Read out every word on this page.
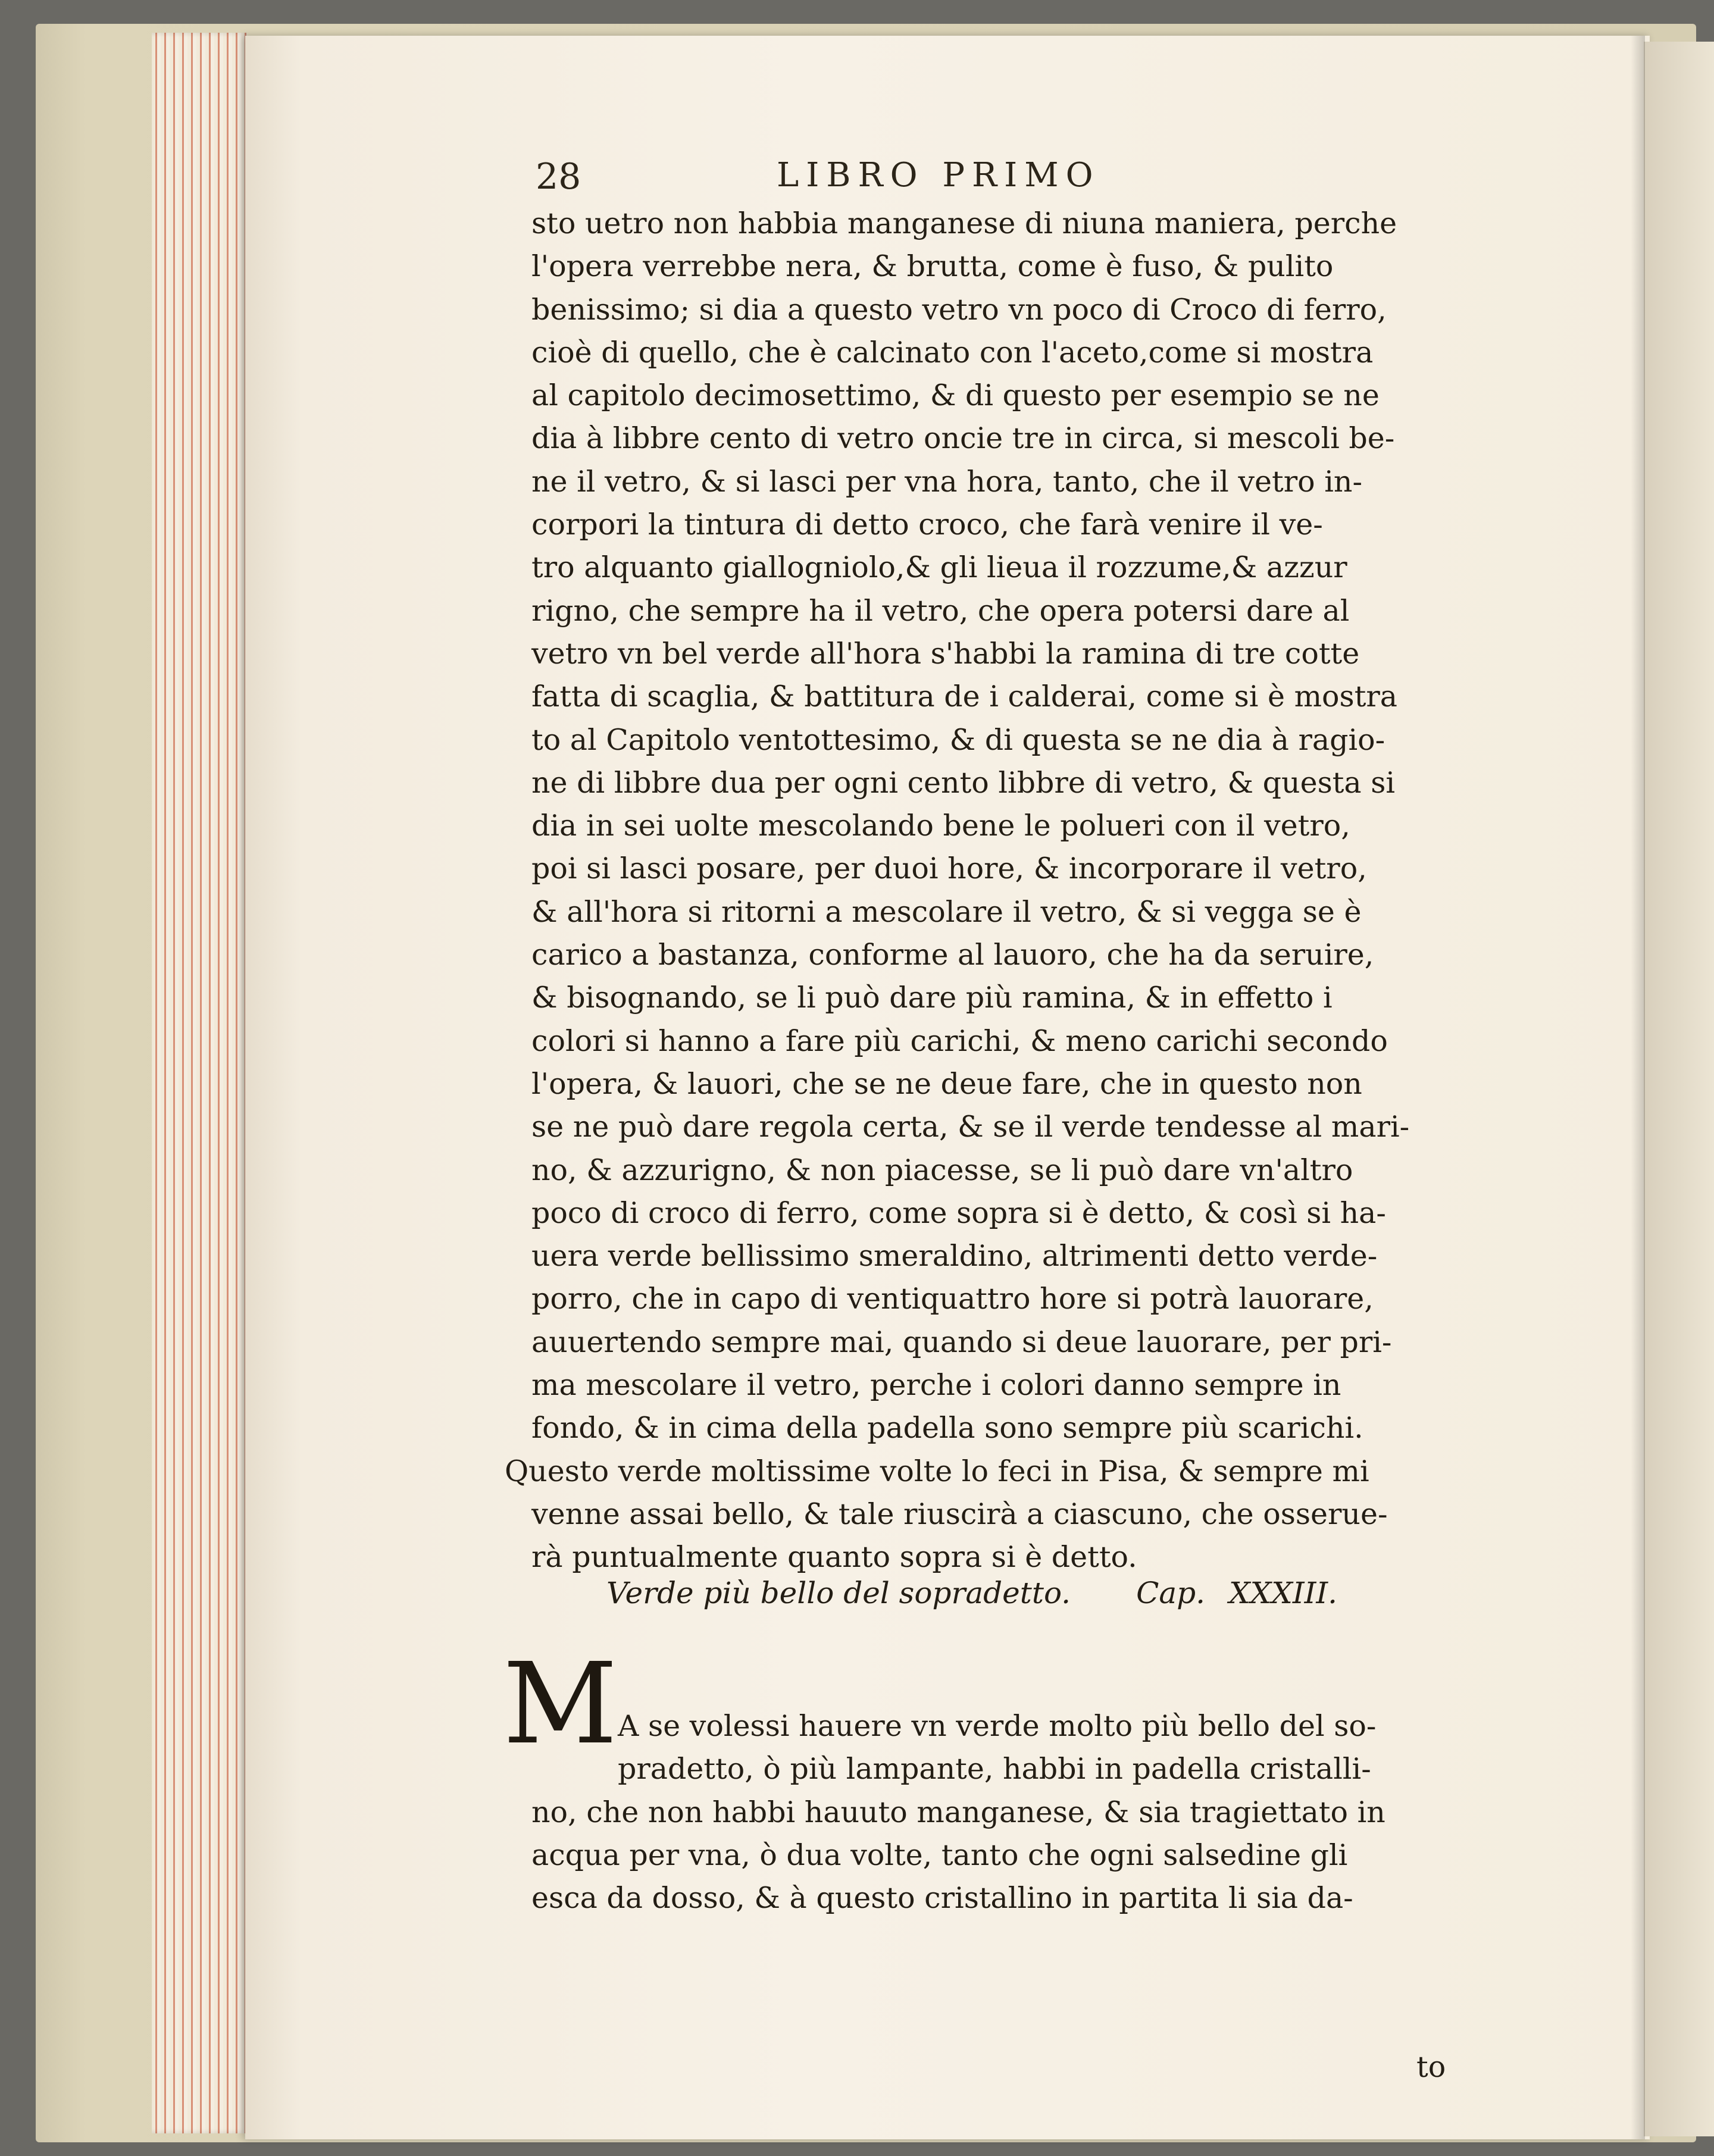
28	LIBRO PRIMO
sto uetro non habbia manganese di niuna maniera, perche
l'opera verrebbe nera, & brutta, come è fuso, & pulito
benissimo; si dia a questo vetro vn poco di Croco di ferro,
cioè di quello, che è calcinato con l'aceto,come si mostra
al capitolo decimosettimo, & di questo per esempio se ne
dia à libbre cento di vetro oncie tre in circa, si mescoli be-
ne il vetro, & si lasci per vna hora, tanto, che il vetro in-
corpori la tintura di detto croco, che farà venire il ve-
tro alquanto giallogniolo,& gli lieua il rozzume,& azzur
rigno, che sempre ha il vetro, che opera potersi dare al
vetro vn bel verde all'hora s'habbi la ramina di tre cotte
fatta di scaglia, & battitura de i calderai, come si è mostra
to al Capitolo ventottesimo, & di questa se ne dia à ragio-
ne di libbre dua per ogni cento libbre di vetro, & questa si
dia in sei uolte mescolando bene le polueri con il vetro,
poi si lasci posare, per duoi hore, & incorporare il vetro,
& all'hora si ritorni a mescolare il vetro, & si vegga se è
carico a bastanza, conforme al lauoro, che ha da seruire,
& bisognando, se li può dare più ramina, & in effetto i
colori si hanno a fare più carichi, & meno carichi secondo
l'opera, & lauori, che se ne deue fare, che in questo non
se ne può dare regola certa, & se il verde tendesse al mari-
no, & azzurigno, & non piacesse, se li può dare vn'altro
poco di croco di ferro, come sopra si è detto, & così si ha-
uera verde bellissimo smeraldino, altrimenti detto verde-
porro, che in capo di ventiquattro hore si potrà lauorare,
auuertendo sempre mai, quando si deue lauorare, per pri-
ma mescolare il vetro, perche i colori danno sempre in
fondo, & in cima della padella sono sempre più scarichi.
Questo verde moltissime volte lo feci in Pisa, & sempre mi
venne assai bello, & tale riuscirà a ciascuno, che osserue-
rà puntualmente quanto sopra si è detto.
Verde più bello del sopradetto. Cap. XXXIII.
M A se volessi hauere vn verde molto più bello del so-
pradetto, ò più lampante, habbi in padella cristalli-
no, che non habbi hauuto manganese, & sia tragiettato in
acqua per vna, ò dua volte, tanto che ogni salsedine gli
esca da dosso, & à questo cristallino in partita li sia da-
to
